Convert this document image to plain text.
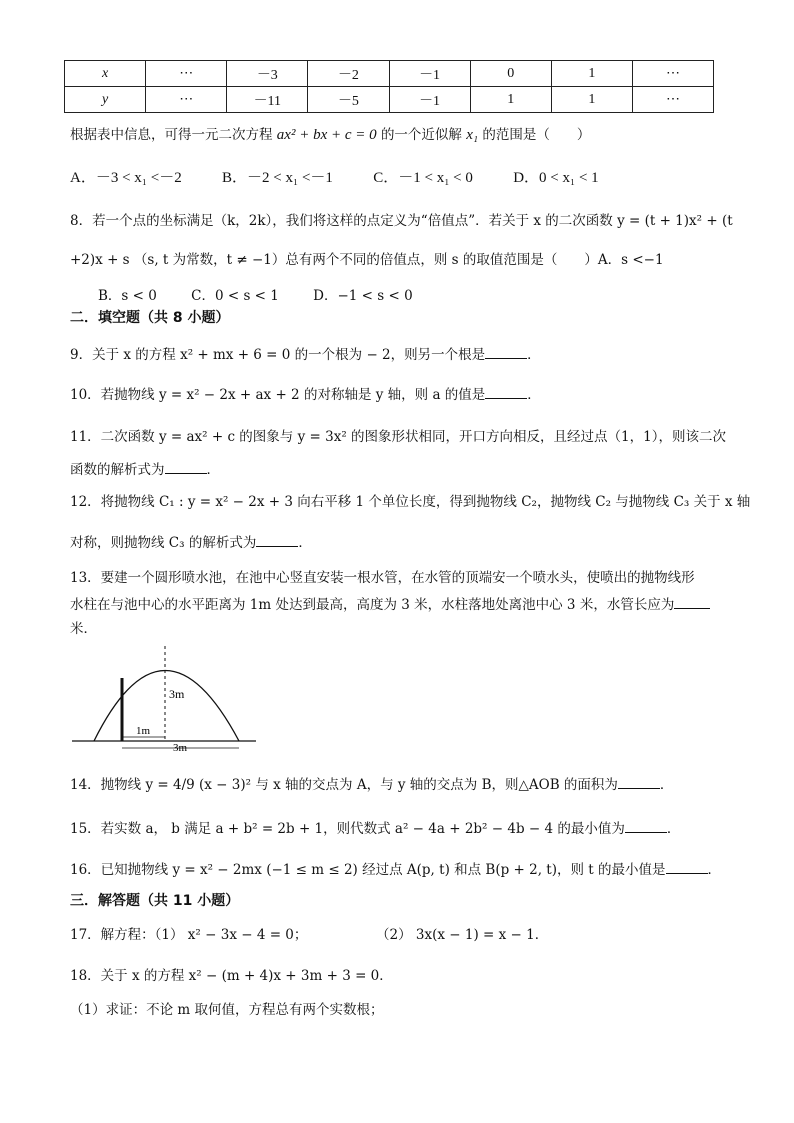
x	⋯	－3	－2	－1	0	1	⋯
y	⋯	－11	－5	－1	1	1	⋯
根据表中信息，可得一元二次方程 ax² + bx + c = 0 的一个近似解 x₁ 的范围是（　　）
A．－3 < x₁ <－2	B．－2 < x₁ <－1	C．－1 < x₁ < 0	D．0 < x₁ < 1
8．若一个点的坐标满足（k，2k），我们将这样的点定义为“倍值点”．若关于 x 的二次函数 y = (t + 1)x² + (t
+2)x + s （s, t 为常数，t ≠ −1）总有两个不同的倍值点，则 s 的取值范围是（　　）A．s <−1
B．s < 0	C．0 < s < 1	D．−1 < s < 0
二．填空题（共 8 小题）
9．关于 x 的方程 x² + mx + 6 = 0 的一个根为 − 2，则另一个根是	．
10．若抛物线 y = x² − 2x + ax + 2 的对称轴是 y 轴，则 a 的值是	．
11．二次函数 y = ax² + c 的图象与 y = 3x² 的图象形状相同，开口方向相反，且经过点（1，1），则该二次
函数的解析式为	．
12．将抛物线 C₁ : y = x² − 2x + 3 向右平移 1 个单位长度，得到抛物线 C₂，抛物线 C₂ 与抛物线 C₃ 关于 x 轴
对称，则抛物线 C₃ 的解析式为	．
13．要建一个圆形喷水池，在池中心竖直安装一根水管，在水管的顶端安一个喷水头，使喷出的抛物线形
水柱在与池中心的水平距离为 1m 处达到最高，高度为 3 米，水柱落地处离池中心 3 米，水管长应为
米．
3m
1m
3m
14．抛物线 y = 4/9 (x − 3)² 与 x 轴的交点为 A，与 y 轴的交点为 B，则△AOB 的面积为	．
15．若实数 a， b 满足 a + b² = 2b + 1，则代数式 a² − 4a + 2b² − 4b − 4 的最小值为	．
16．已知抛物线 y = x² − 2mx (−1 ≤ m ≤ 2) 经过点 A(p, t) 和点 B(p + 2, t)，则 t 的最小值是	．
三．解答题（共 11 小题）
17．解方程：（1） x² − 3x − 4 = 0；	（2） 3x(x − 1) = x − 1．
18．关于 x 的方程 x² − (m + 4)x + 3m + 3 = 0．
（1）求证：不论 m 取何值，方程总有两个实数根；
